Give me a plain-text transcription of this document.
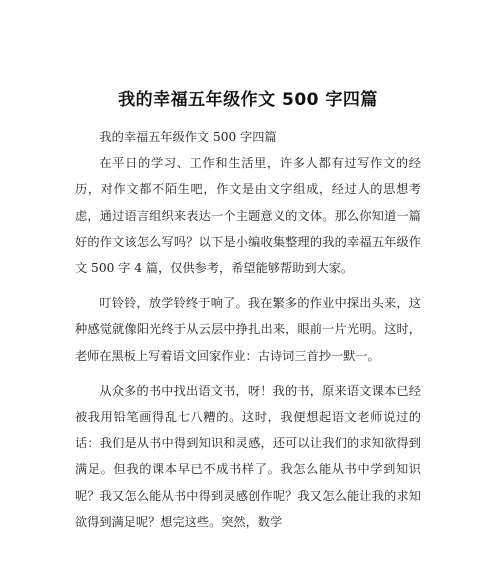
我的幸福五年级作文 500 字四篇

我的幸福五年级作文 500 字四篇

在平日的学习、工作和生活里，许多人都有过写作文的经历，对作文都不陌生吧，作文是由文字组成，经过人的思想考虑，通过语言组织来表达一个主题意义的文体。那么你知道一篇好的作文该怎么写吗？以下是小编收集整理的我的幸福五年级作文 500 字 4 篇，仅供参考，希望能够帮助到大家。

叮铃铃，放学铃终于响了。我在繁多的作业中探出头来，这种感觉就像阳光终于从云层中挣扎出来，眼前一片光明。这时，老师在黑板上写着语文回家作业：古诗词三首抄一默一。

从众多的书中找出语文书，呀！我的书，原来语文课本已经被我用铅笔画得乱七八糟的。这时，我便想起语文老师说过的话：我们是从书中得到知识和灵感，还可以让我们的求知欲得到满足。但我的课本早已不成书样了。我怎么能从书中学到知识呢？我又怎么能从书中得到灵感创作呢？我又怎么能让我的求知欲得到满足呢？想完这些。突然，数学
